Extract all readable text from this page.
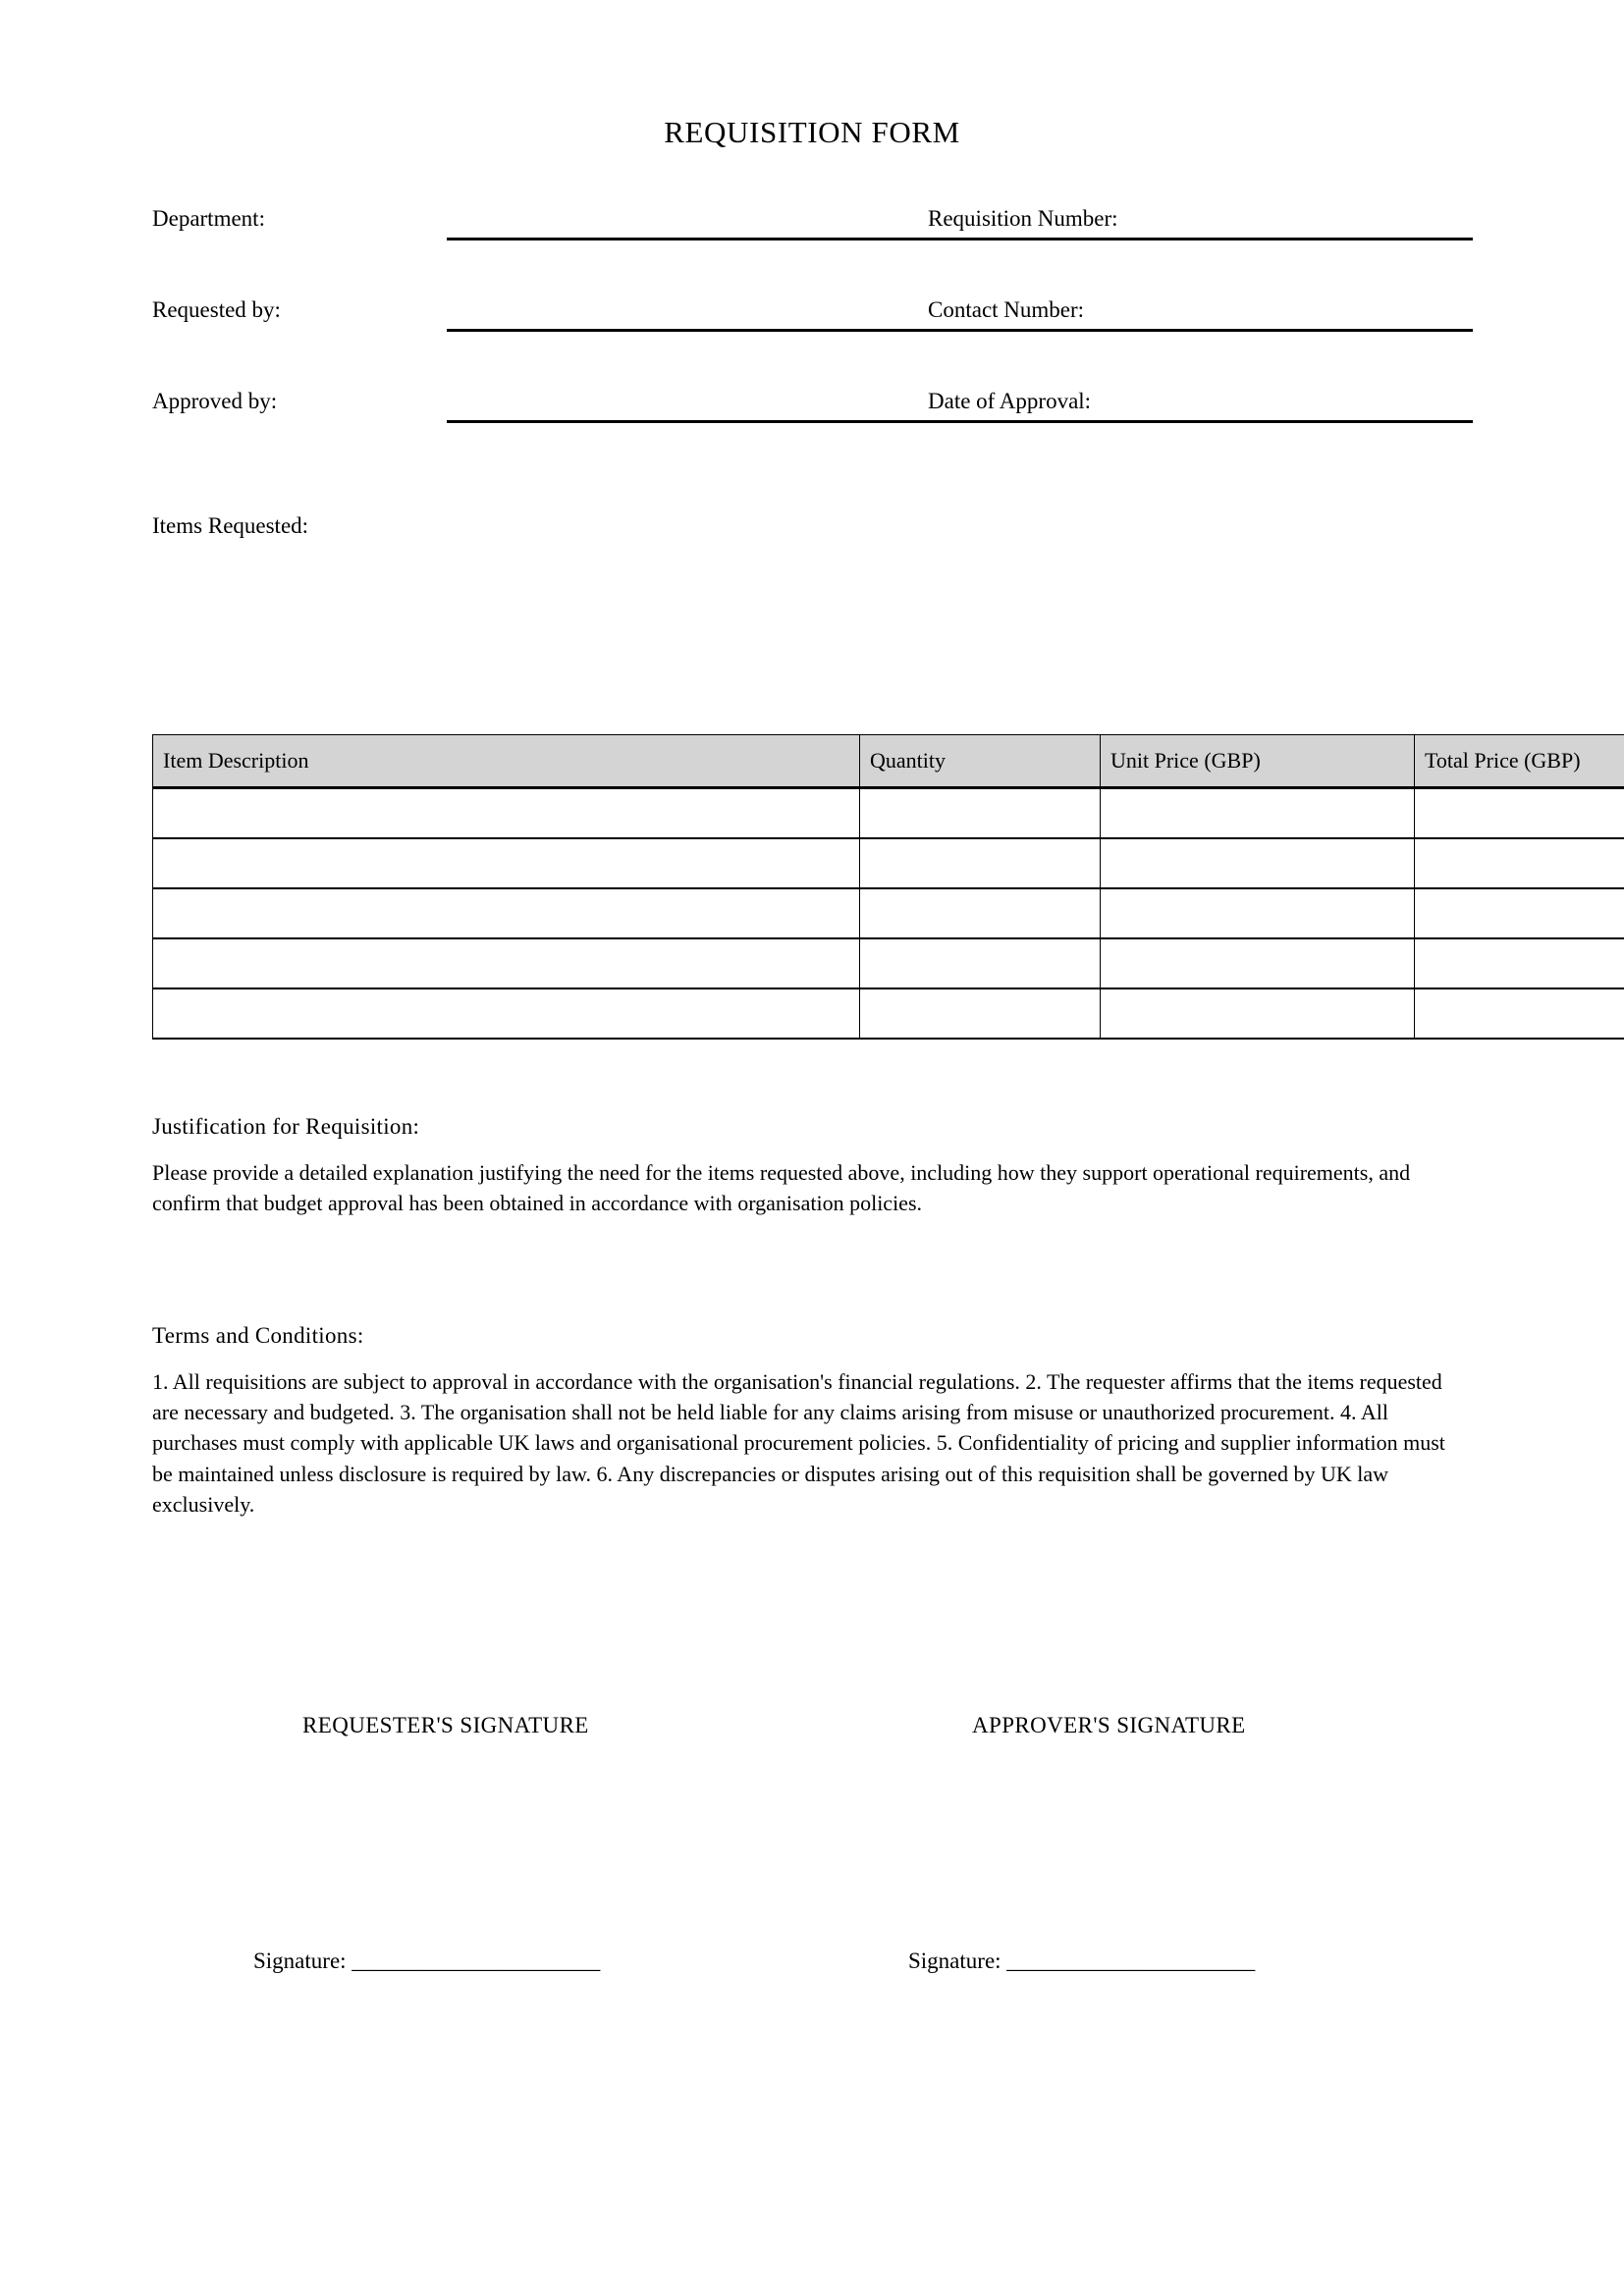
REQUISITION FORM
Department:	Requisition Number:
Requested by:	Contact Number:
Approved by:	Date of Approval:
Items Requested:
Item Description	Quantity	Unit Price (GBP)	Total Price (GBP)

Justification for Requisition:

Please provide a detailed explanation justifying the need for the items requested above, including how they support operational requirements, and confirm that budget approval has been obtained in accordance with organisation policies.

Terms and Conditions:

1. All requisitions are subject to approval in accordance with the organisation's financial regulations. 2. The requester affirms that the items requested are necessary and budgeted. 3. The organisation shall not be held liable for any claims arising from misuse or unauthorized procurement. 4. All purchases must comply with applicable UK laws and organisational procurement policies. 5. Confidentiality of pricing and supplier information must be maintained unless disclosure is required by law. 6. Any discrepancies or disputes arising out of this requisition shall be governed by UK law exclusively.

REQUESTER'S SIGNATURE	APPROVER'S SIGNATURE
Signature: ______________________	Signature: ______________________
